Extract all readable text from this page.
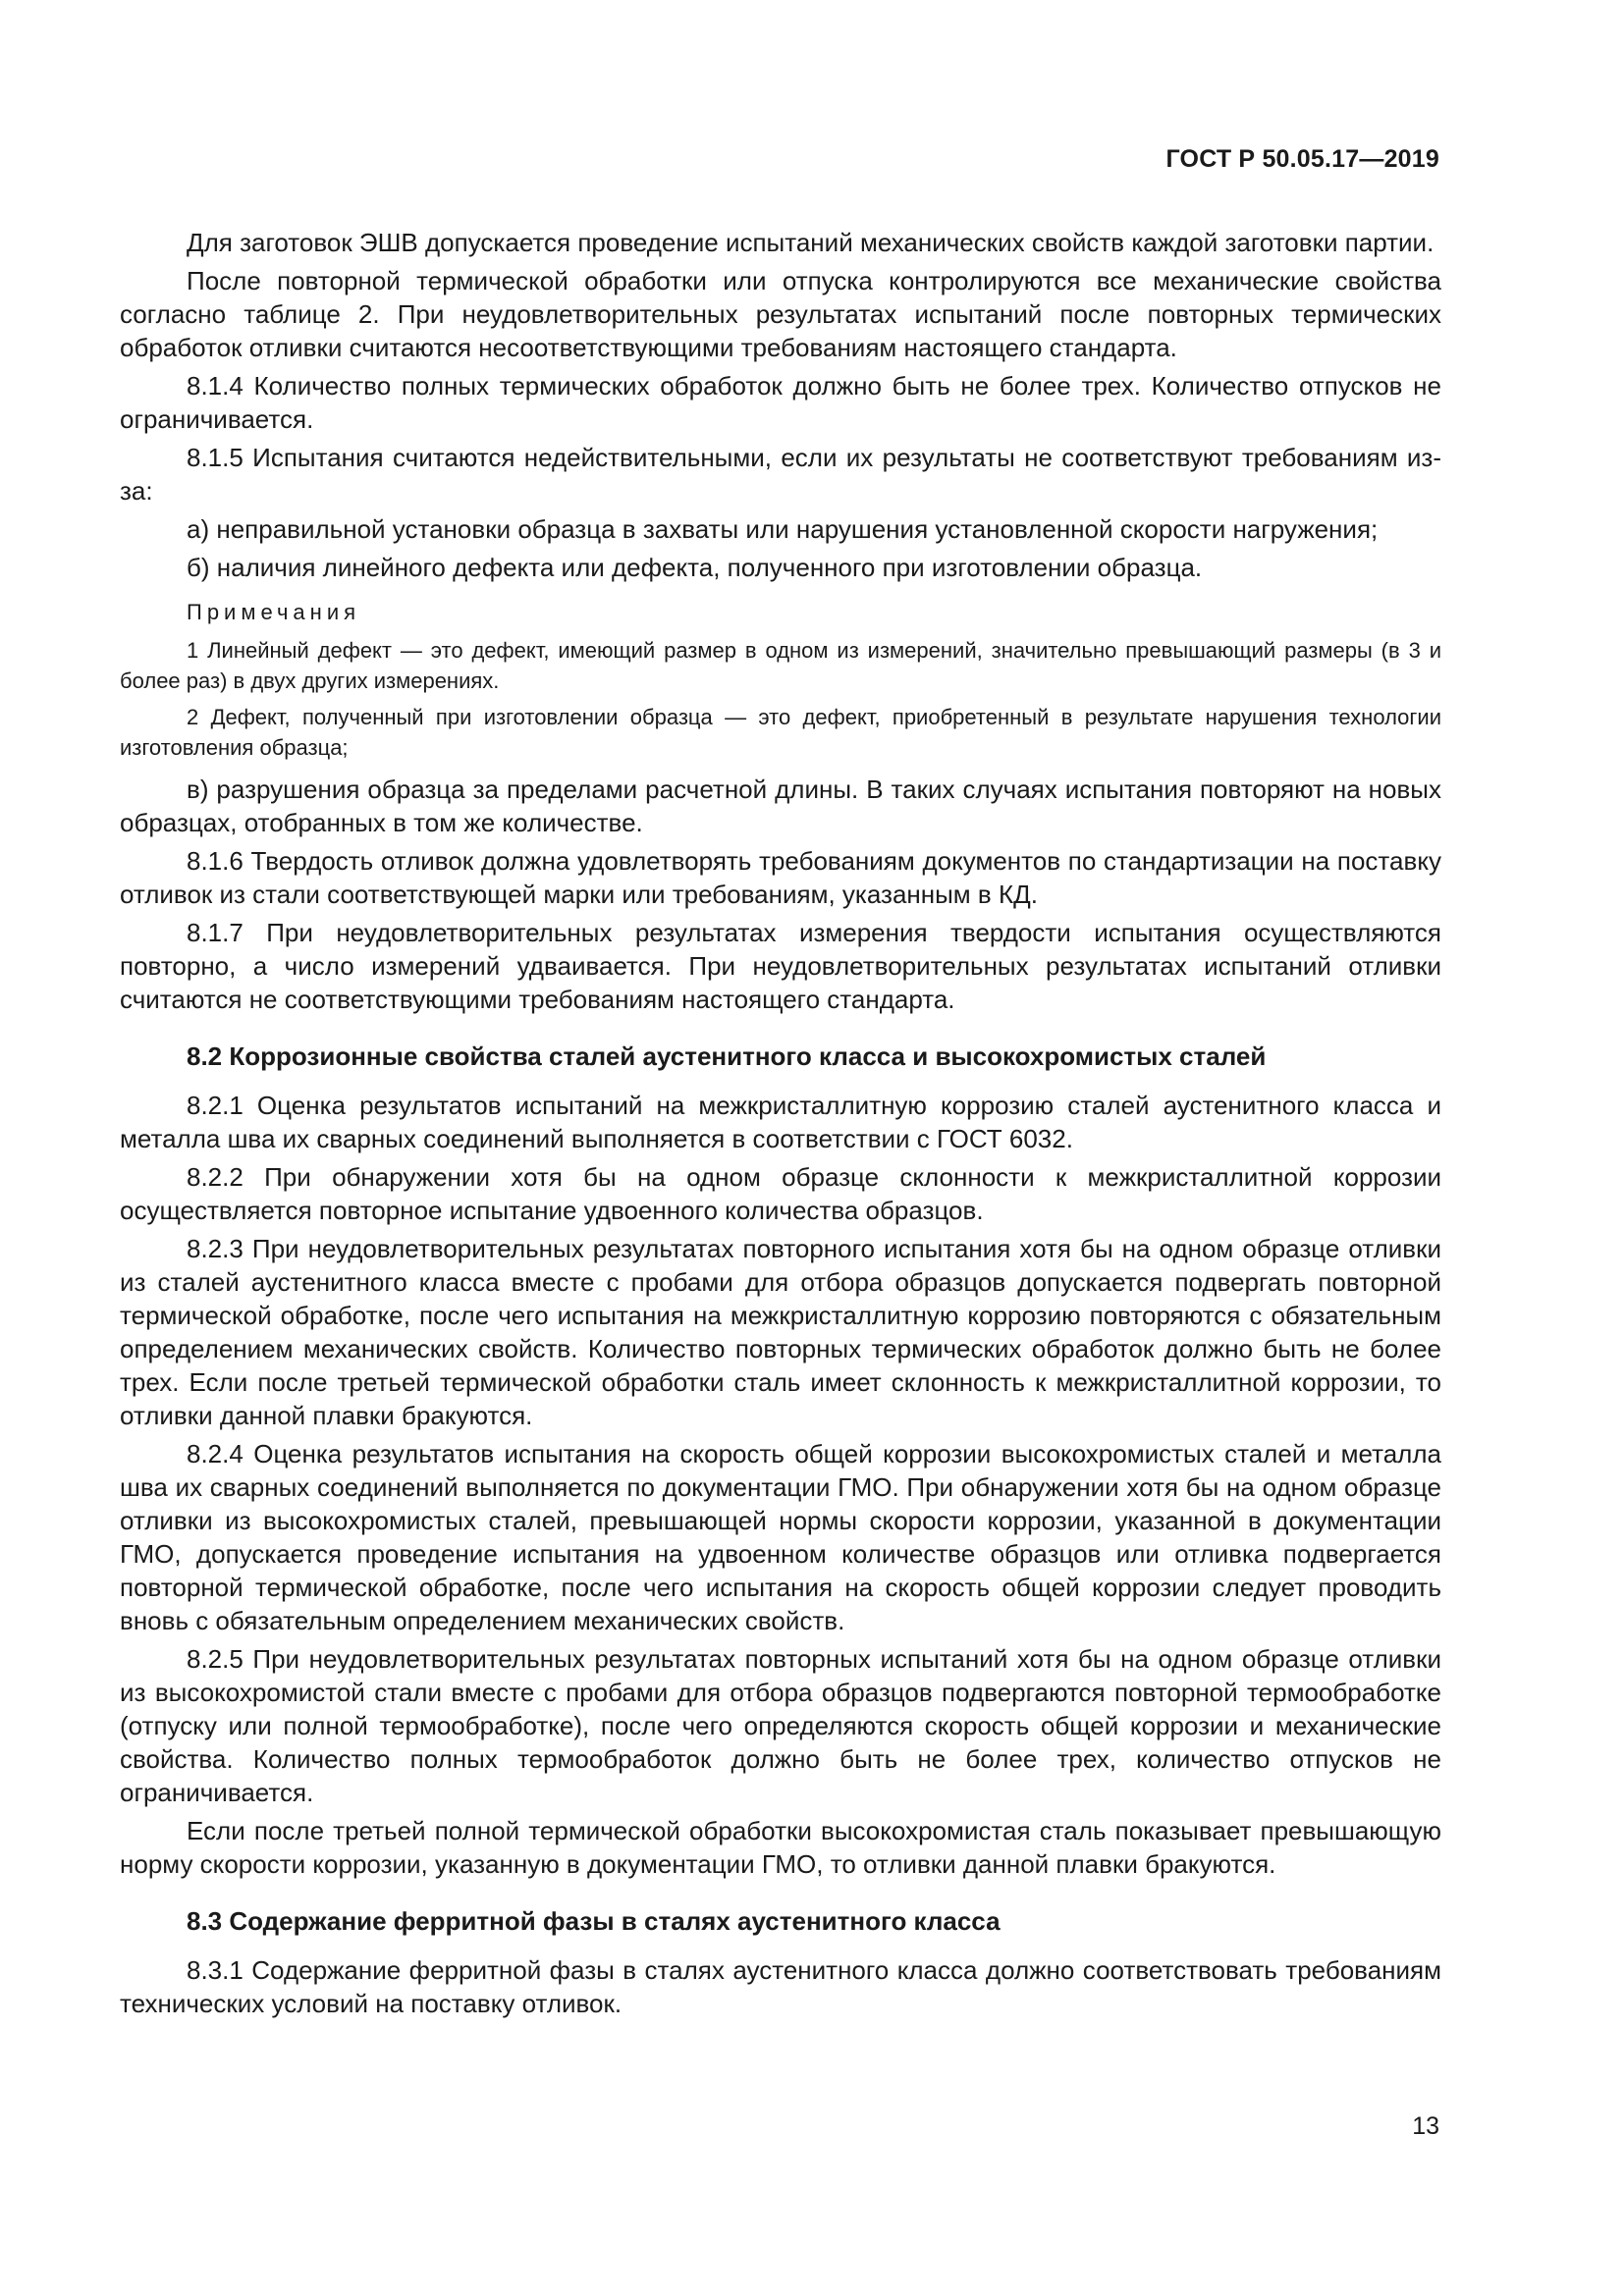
ГОСТ Р 50.05.17—2019

Для заготовок ЭШВ допускается проведение испытаний механических свойств каждой заготовки партии.

После повторной термической обработки или отпуска контролируются все механические свойства согласно таблице 2. При неудовлетворительных результатах испытаний после повторных термических обработок отливки считаются несоответствующими требованиям настоящего стандарта.

8.1.4 Количество полных термических обработок должно быть не более трех. Количество отпусков не ограничивается.

8.1.5 Испытания считаются недействительными, если их результаты не соответствуют требованиям из-за:

а) неправильной установки образца в захваты или нарушения установленной скорости нагружения;

б) наличия линейного дефекта или дефекта, полученного при изготовлении образца.

Примечания

1 Линейный дефект — это дефект, имеющий размер в одном из измерений, значительно превышающий размеры (в 3 и более раз) в двух других измерениях.

2 Дефект, полученный при изготовлении образца — это дефект, приобретенный в результате нарушения технологии изготовления образца;

в) разрушения образца за пределами расчетной длины. В таких случаях испытания повторяют на новых образцах, отобранных в том же количестве.

8.1.6 Твердость отливок должна удовлетворять требованиям документов по стандартизации на поставку отливок из стали соответствующей марки или требованиям, указанным в КД.

8.1.7 При неудовлетворительных результатах измерения твердости испытания осуществляются повторно, а число измерений удваивается. При неудовлетворительных результатах испытаний отливки считаются не соответствующими требованиям настоящего стандарта.

8.2 Коррозионные свойства сталей аустенитного класса и высокохромистых сталей

8.2.1 Оценка результатов испытаний на межкристаллитную коррозию сталей аустенитного класса и металла шва их сварных соединений выполняется в соответствии с ГОСТ 6032.

8.2.2 При обнаружении хотя бы на одном образце склонности к межкристаллитной коррозии осуществляется повторное испытание удвоенного количества образцов.

8.2.3 При неудовлетворительных результатах повторного испытания хотя бы на одном образце отливки из сталей аустенитного класса вместе с пробами для отбора образцов допускается подвергать повторной термической обработке, после чего испытания на межкристаллитную коррозию повторяются с обязательным определением механических свойств. Количество повторных термических обработок должно быть не более трех. Если после третьей термической обработки сталь имеет склонность к межкристаллитной коррозии, то отливки данной плавки бракуются.

8.2.4 Оценка результатов испытания на скорость общей коррозии высокохромистых сталей и металла шва их сварных соединений выполняется по документации ГМО. При обнаружении хотя бы на одном образце отливки из высокохромистых сталей, превышающей нормы скорости коррозии, указанной в документации ГМО, допускается проведение испытания на удвоенном количестве образцов или отливка подвергается повторной термической обработке, после чего испытания на скорость общей коррозии следует проводить вновь с обязательным определением механических свойств.

8.2.5 При неудовлетворительных результатах повторных испытаний хотя бы на одном образце отливки из высокохромистой стали вместе с пробами для отбора образцов подвергаются повторной термообработке (отпуску или полной термообработке), после чего определяются скорость общей коррозии и механические свойства. Количество полных термообработок должно быть не более трех, количество отпусков не ограничивается.

Если после третьей полной термической обработки высокохромистая сталь показывает превышающую норму скорости коррозии, указанную в документации ГМО, то отливки данной плавки бракуются.

8.3 Содержание ферритной фазы в сталях аустенитного класса

8.3.1 Содержание ферритной фазы в сталях аустенитного класса должно соответствовать требованиям технических условий на поставку отливок.

13
